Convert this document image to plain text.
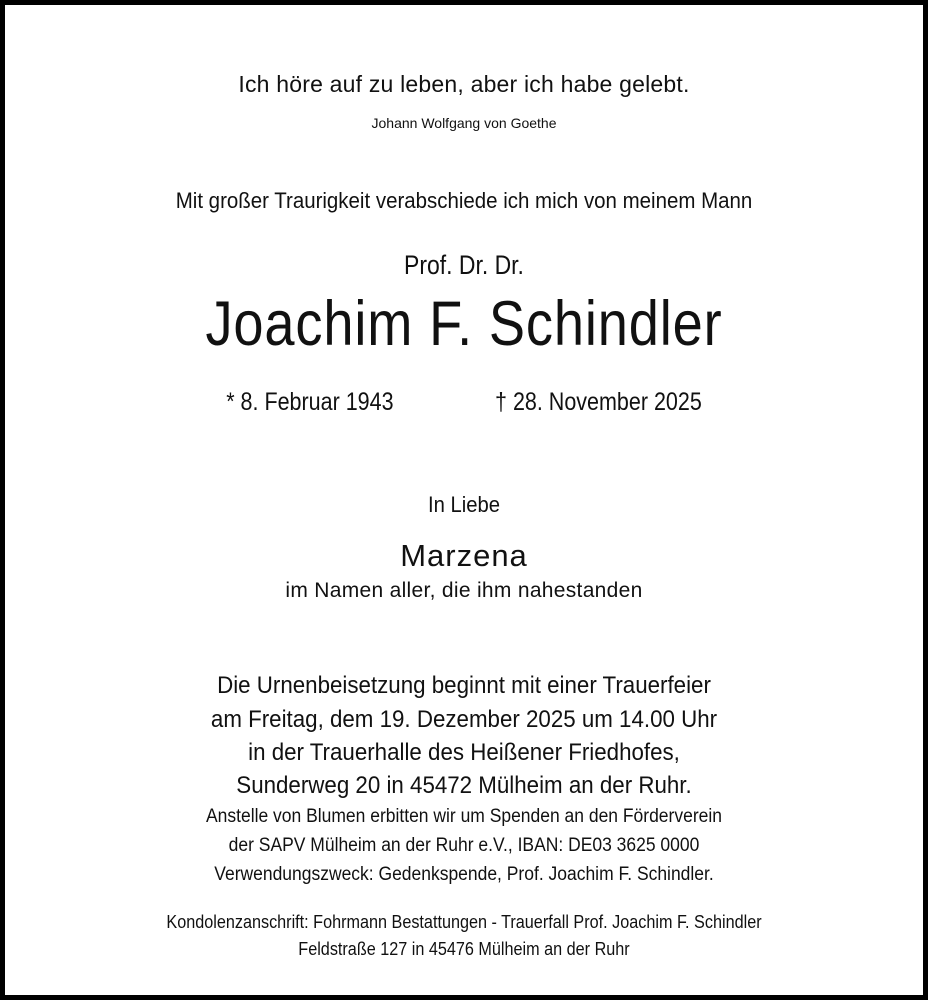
Ich höre auf zu leben, aber ich habe gelebt.
Johann Wolfgang von Goethe
Mit großer Traurigkeit verabschiede ich mich von meinem Mann
Prof. Dr. Dr.
Joachim F. Schindler
* 8. Februar 1943	† 28. November 2025
In Liebe
Marzena
im Namen aller, die ihm nahestanden
Die Urnenbeisetzung beginnt mit einer Trauerfeier
am Freitag, dem 19. Dezember 2025 um 14.00 Uhr
in der Trauerhalle des Heißener Friedhofes,
Sunderweg 20 in 45472 Mülheim an der Ruhr.
Anstelle von Blumen erbitten wir um Spenden an den Förderverein
der SAPV Mülheim an der Ruhr e.V., IBAN: DE03 3625 0000
Verwendungszweck: Gedenkspende, Prof. Joachim F. Schindler.
Kondolenzanschrift: Fohrmann Bestattungen - Trauerfall Prof. Joachim F. Schindler
Feldstraße 127 in 45476 Mülheim an der Ruhr
